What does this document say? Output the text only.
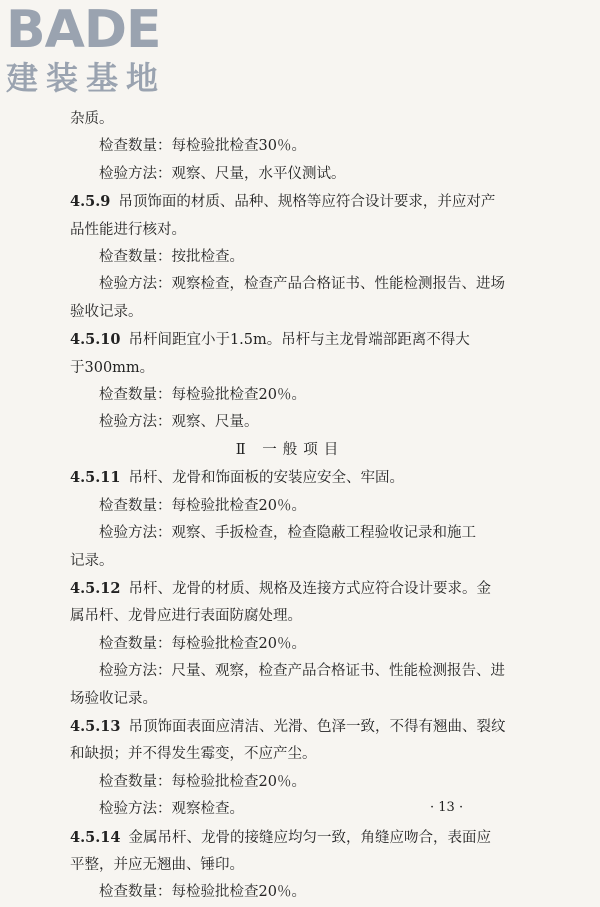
BADE
建装基地
杂质。
检查数量：每检验批检查30％。
检验方法：观察、尺量，水平仪测试。
4.5.9 吊顶饰面的材质、品种、规格等应符合设计要求，并应对产
品性能进行核对。
检查数量：按批检查。
检验方法：观察检查，检查产品合格证书、性能检测报告、进场
验收记录。
4.5.10 吊杆间距宜小于1.5m。吊杆与主龙骨端部距离不得大
于300mm。
检查数量：每检验批检查20％。
检验方法：观察、尺量。
Ⅱ 一般项目
4.5.11 吊杆、龙骨和饰面板的安装应安全、牢固。
检查数量：每检验批检查20％。
检验方法：观察、手扳检查，检查隐蔽工程验收记录和施工
记录。
4.5.12 吊杆、龙骨的材质、规格及连接方式应符合设计要求。金
属吊杆、龙骨应进行表面防腐处理。
检查数量：每检验批检查20％。
检验方法：尺量、观察，检查产品合格证书、性能检测报告、进
场验收记录。
4.5.13 吊顶饰面表面应清洁、光滑、色泽一致，不得有翘曲、裂纹
和缺损；并不得发生霉变，不应产尘。
检查数量：每检验批检查20％。
检验方法：观察检查。
4.5.14 金属吊杆、龙骨的接缝应均匀一致，角缝应吻合，表面应
平整，并应无翘曲、锤印。
检查数量：每检验批检查20％。
· 13 ·
